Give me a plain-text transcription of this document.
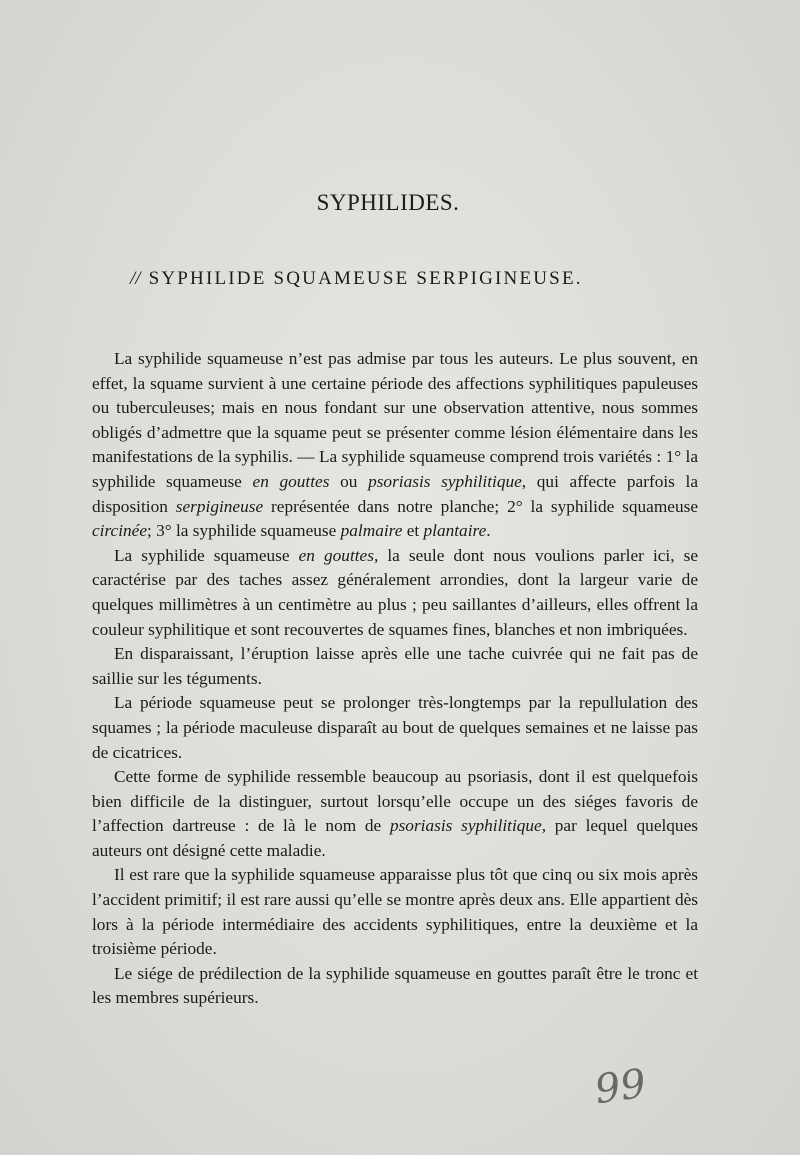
SYPHILIDES.
// SYPHILIDE SQUAMEUSE SERPIGINEUSE.

La syphilide squameuse n’est pas admise par tous les auteurs. Le plus souvent, en effet, la squame survient à une certaine période des affections syphilitiques papuleuses ou tuberculeuses; mais en nous fondant sur une observation attentive, nous sommes obligés d’admettre que la squame peut se présenter comme lésion élémentaire dans les manifestations de la syphilis. — La syphilide squameuse comprend trois variétés : 1° la syphilide squameuse en gouttes ou psoriasis syphilitique, qui affecte parfois la disposition serpigineuse représentée dans notre planche; 2° la syphilide squameuse circinée; 3° la syphilide squameuse palmaire et plantaire.

La syphilide squameuse en gouttes, la seule dont nous voulions parler ici, se caractérise par des taches assez généralement arrondies, dont la largeur varie de quelques millimètres à un centimètre au plus ; peu saillantes d’ailleurs, elles offrent la couleur syphilitique et sont recouvertes de squames fines, blanches et non imbriquées.

En disparaissant, l’éruption laisse après elle une tache cuivrée qui ne fait pas de saillie sur les téguments.

La période squameuse peut se prolonger très-longtemps par la repullulation des squames ; la période maculeuse disparaît au bout de quelques semaines et ne laisse pas de cicatrices.

Cette forme de syphilide ressemble beaucoup au psoriasis, dont il est quelquefois bien difficile de la distinguer, surtout lorsqu’elle occupe un des siéges favoris de l’affection dartreuse : de là le nom de psoriasis syphilitique, par lequel quelques auteurs ont désigné cette maladie.

Il est rare que la syphilide squameuse apparaisse plus tôt que cinq ou six mois après l’accident primitif; il est rare aussi qu’elle se montre après deux ans. Elle appartient dès lors à la période intermédiaire des accidents syphilitiques, entre la deuxième et la troisième période.

Le siége de prédilection de la syphilide squameuse en gouttes paraît être le tronc et les membres supérieurs.

99
